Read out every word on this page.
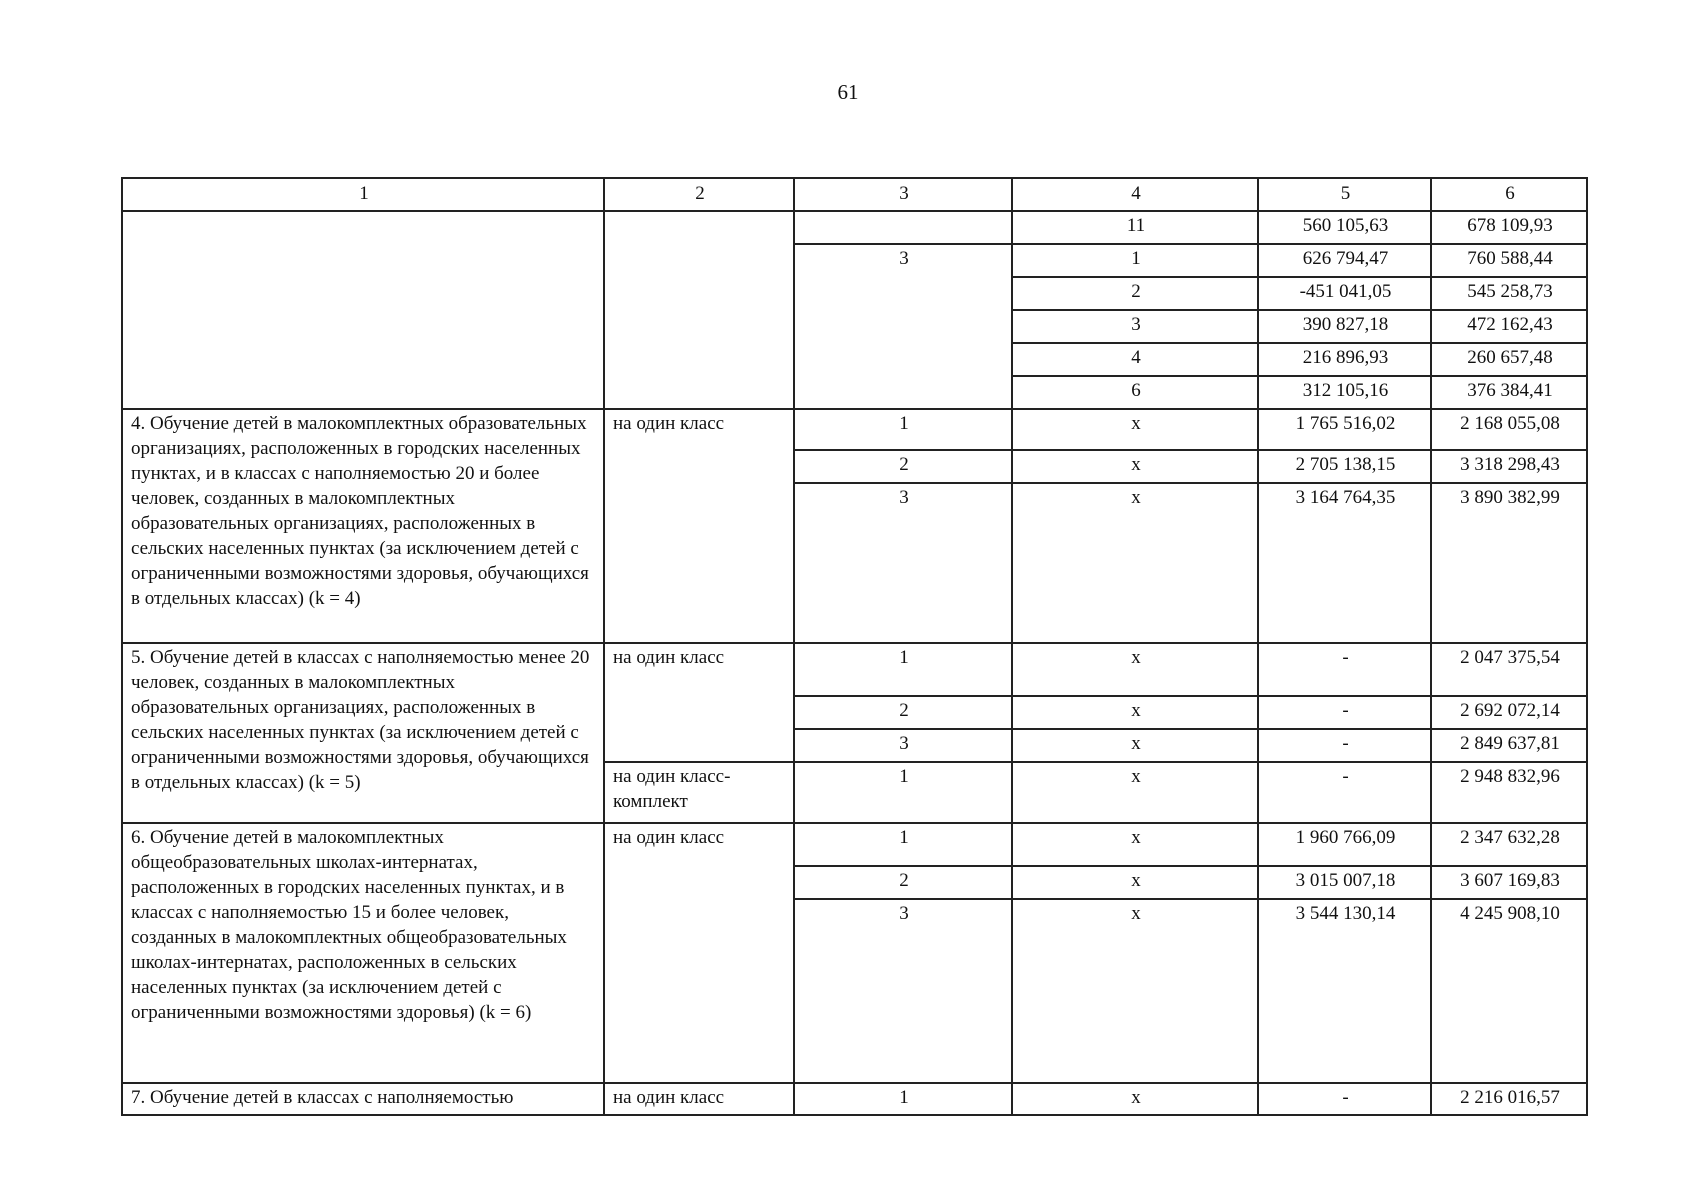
61
1	2	3	4	5	6
			11	560 105,63	678 109,93
		3	1	626 794,47	760 588,44
			2	-451 041,05	545 258,73
			3	390 827,18	472 162,43
			4	216 896,93	260 657,48
			6	312 105,16	376 384,41
4. Обучение детей в малокомплектных образовательных организациях, расположенных в городских населенных пунктах, и в классах с наполняемостью 20 и более человек, созданных в малокомплектных образовательных организациях, расположенных в сельских населенных пунктах (за исключением детей с ограниченными возможностями здоровья, обучающихся в отдельных классах) (k = 4)	на один класс	1	х	1 765 516,02	2 168 055,08
		2	х	2 705 138,15	3 318 298,43
		3	х	3 164 764,35	3 890 382,99
5. Обучение детей в классах с наполняемостью менее 20 человек, созданных в малокомплектных образовательных организациях, расположенных в сельских населенных пунктах (за исключением детей с ограниченными возможностями здоровья, обучающихся в отдельных классах) (k = 5)	на один класс	1	х	-	2 047 375,54
		2	х	-	2 692 072,14
		3	х	-	2 849 637,81
	на один класс-комплект	1	х	-	2 948 832,96
6. Обучение детей в малокомплектных общеобразовательных школах-интернатах, расположенных в городских населенных пунктах, и в классах с наполняемостью 15 и более человек, созданных в малокомплектных общеобразовательных школах-интернатах, расположенных в сельских населенных пунктах (за исключением детей с ограниченными возможностями здоровья) (k = 6)	на один класс	1	х	1 960 766,09	2 347 632,28
		2	х	3 015 007,18	3 607 169,83
		3	х	3 544 130,14	4 245 908,10
7. Обучение детей в классах с наполняемостью	на один класс	1	х	-	2 216 016,57
